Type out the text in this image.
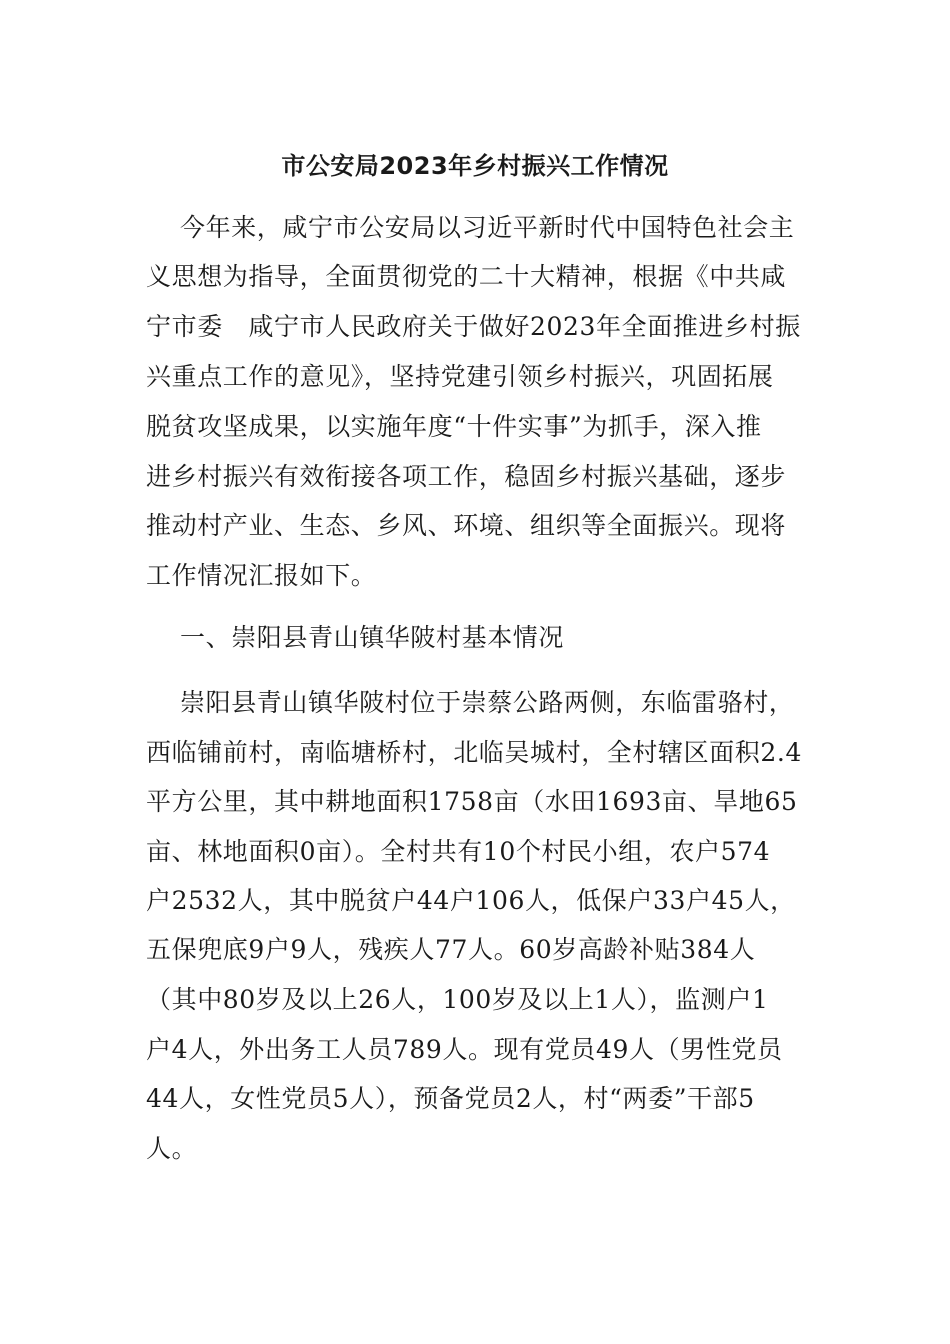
市公安局2023年乡村振兴工作情况
今年来，咸宁市公安局以习近平新时代中国特色社会主
义思想为指导，全面贯彻党的二十大精神，根据《中共咸
宁市委　咸宁市人民政府关于做好2023年全面推进乡村振
兴重点工作的意见》，坚持党建引领乡村振兴，巩固拓展
脱贫攻坚成果，以实施年度“十件实事”为抓手，深入推
进乡村振兴有效衔接各项工作，稳固乡村振兴基础，逐步
推动村产业、生态、乡风、环境、组织等全面振兴。现将
工作情况汇报如下。
一、崇阳县青山镇华陂村基本情况
崇阳县青山镇华陂村位于崇蔡公路两侧，东临雷骆村，
西临铺前村，南临塘桥村，北临吴城村，全村辖区面积2.4
平方公里，其中耕地面积1758亩（水田1693亩、旱地65
亩、林地面积0亩）。全村共有10个村民小组，农户574
户2532人，其中脱贫户44户106人，低保户33户45人，
五保兜底9户9人，残疾人77人。60岁高龄补贴384人
（其中80岁及以上26人，100岁及以上1人），监测户1
户4人，外出务工人员789人。现有党员49人（男性党员
44人，女性党员5人），预备党员2人，村“两委”干部5
人。
